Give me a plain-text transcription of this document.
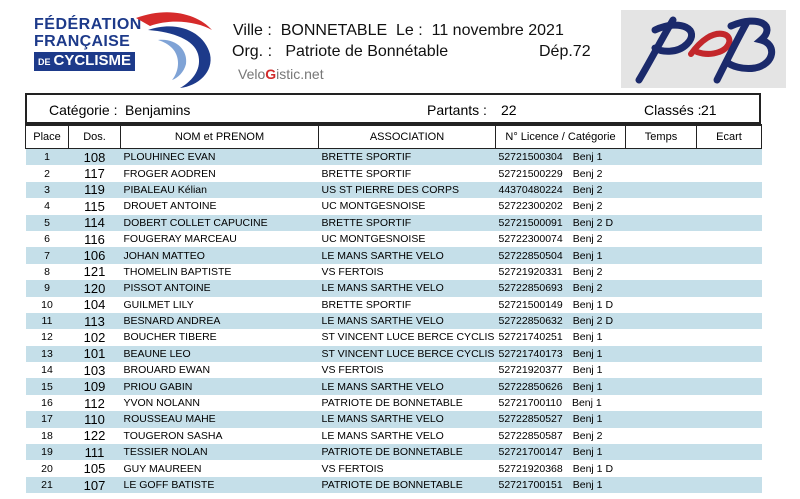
FÉDÉRATION
FRANÇAISE
DE CYCLISME
Ville : BONNETABLE Le : 11 novembre 2021
Org. : Patriote de Bonnétable	Dép.72
VeloGistic.net
Catégorie : Benjamins	Partants : 22	Classés : 21
Place	Dos.	NOM et PRENOM	ASSOCIATION	N° Licence / Catégorie	Temps	Ecart
1	108	PLOUHINEC EVAN	BRETTE SPORTIF	52721500304 Benj 1		
2	117	FROGER AODREN	BRETTE SPORTIF	52721500229 Benj 2		
3	119	PIBALEAU Kélian	US ST PIERRE DES CORPS	44370480224 Benj 2		
4	115	DROUET ANTOINE	UC MONTGESNOISE	52722300202 Benj 2		
5	114	DOBERT COLLET CAPUCINE	BRETTE SPORTIF	52721500091 Benj 2 D		
6	116	FOUGERAY MARCEAU	UC MONTGESNOISE	52722300074 Benj 2		
7	106	JOHAN MATTEO	LE MANS SARTHE VELO	52722850504 Benj 1		
8	121	THOMELIN BAPTISTE	VS FERTOIS	52721920331 Benj 2		
9	120	PISSOT ANTOINE	LE MANS SARTHE VELO	52722850693 Benj 2		
10	104	GUILMET LILY	BRETTE SPORTIF	52721500149 Benj 1 D		
11	113	BESNARD ANDREA	LE MANS SARTHE VELO	52722850632 Benj 2 D		
12	102	BOUCHER TIBERE	ST VINCENT LUCE BERCE CYCLIS	52721740251 Benj 1		
13	101	BEAUNE LEO	ST VINCENT LUCE BERCE CYCLIS	52721740173 Benj 1		
14	103	BROUARD EWAN	VS FERTOIS	52721920377 Benj 1		
15	109	PRIOU GABIN	LE MANS SARTHE VELO	52722850626 Benj 1		
16	112	YVON NOLANN	PATRIOTE DE BONNETABLE	52721700110 Benj 1		
17	110	ROUSSEAU MAHE	LE MANS SARTHE VELO	52722850527 Benj 1		
18	122	TOUGERON SASHA	LE MANS SARTHE VELO	52722850587 Benj 2		
19	111	TESSIER NOLAN	PATRIOTE DE BONNETABLE	52721700147 Benj 1		
20	105	GUY MAUREEN	VS FERTOIS	52721920368 Benj 1 D		
21	107	LE GOFF BATISTE	PATRIOTE DE BONNETABLE	52721700151 Benj 1		
